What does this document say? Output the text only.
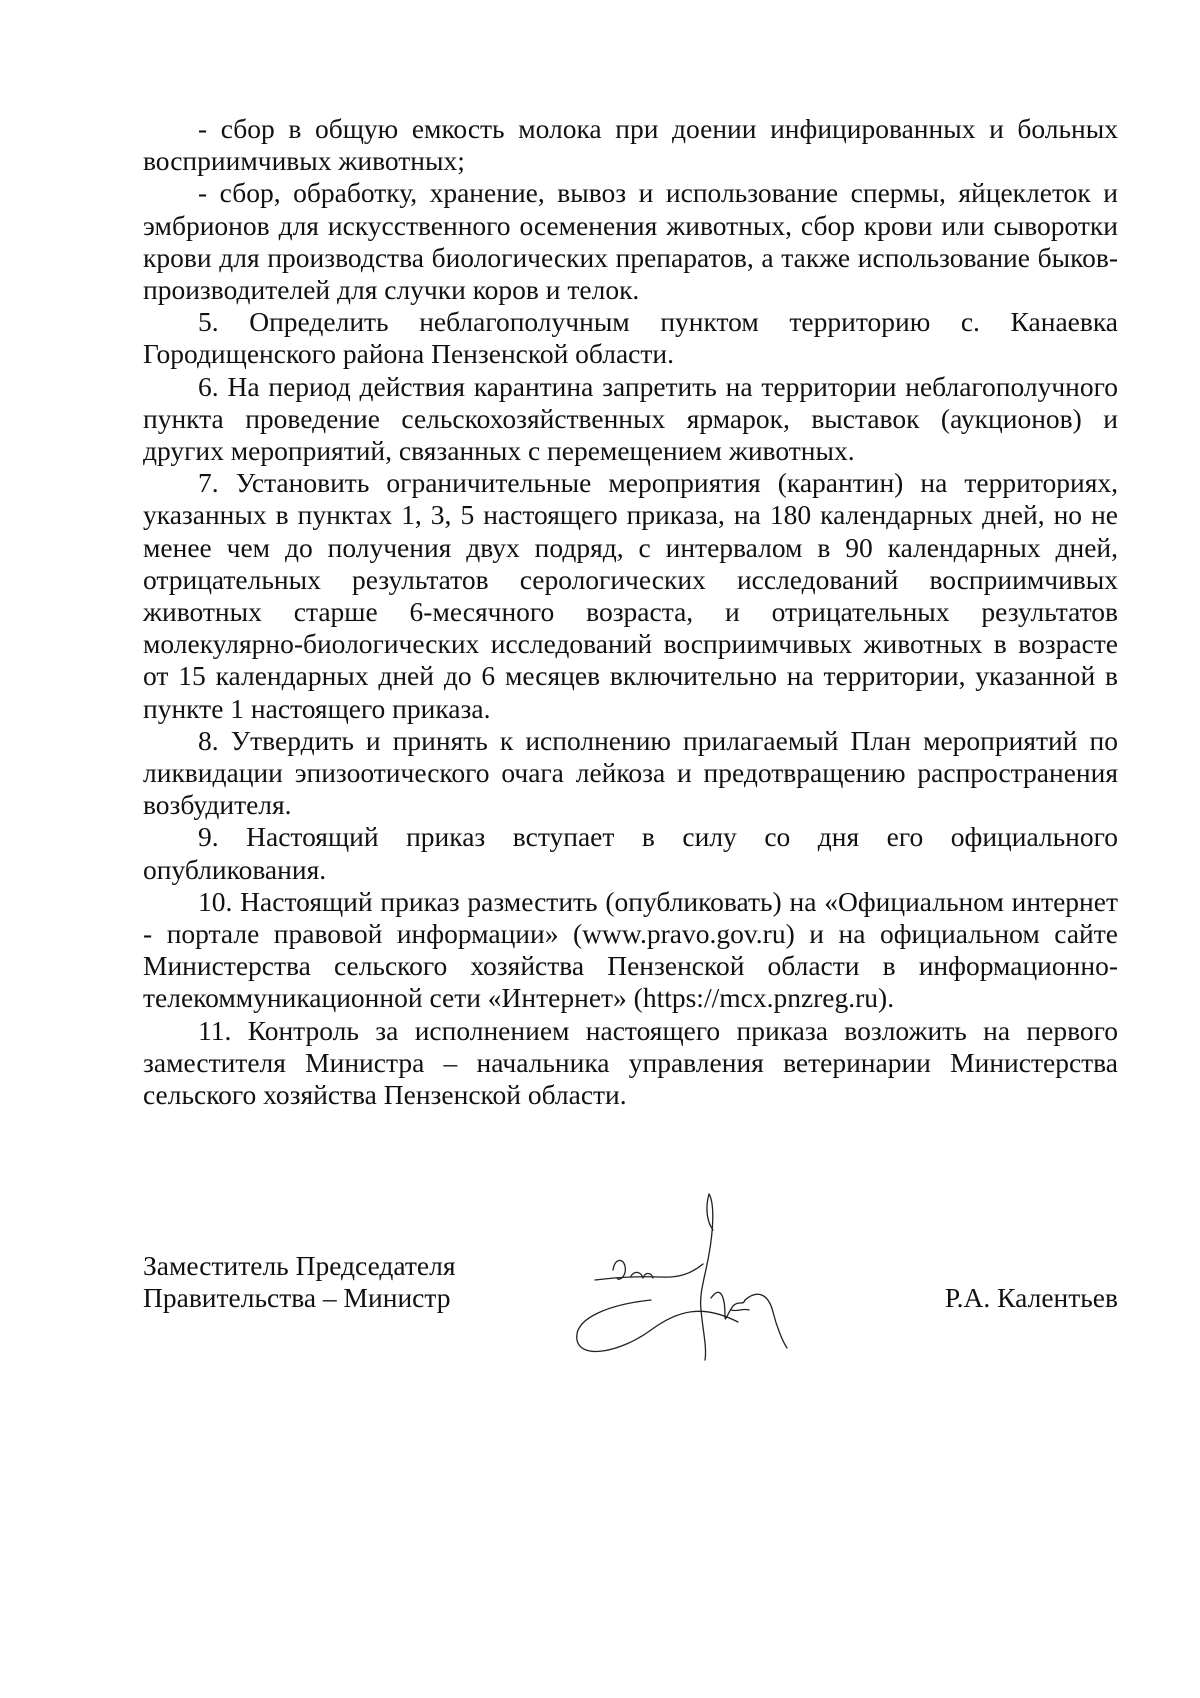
- сбор в общую емкость молока при доении инфицированных и больных восприимчивых животных;

- сбор, обработку, хранение, вывоз и использование спермы, яйцеклеток и эмбрионов для искусственного осеменения животных, сбор крови или сыворотки крови для производства биологических препаратов, а также использование быков-производителей для случки коров и телок.

5. Определить неблагополучным пунктом территорию с. Канаевка Городищенского района Пензенской области.

6. На период действия карантина запретить на территории неблагополучного пункта проведение сельскохозяйственных ярмарок, выставок (аукционов) и других мероприятий, связанных с перемещением животных.

7. Установить ограничительные мероприятия (карантин) на территориях, указанных в пунктах 1, 3, 5 настоящего приказа, на 180 календарных дней, но не менее чем до получения двух подряд, с интервалом в 90 календарных дней, отрицательных результатов серологических исследований восприимчивых животных старше 6-месячного возраста, и отрицательных результатов молекулярно-биологических исследований восприимчивых животных в возрасте от 15 календарных дней до 6 месяцев включительно на территории, указанной в пункте 1 настоящего приказа.

8. Утвердить и принять к исполнению прилагаемый План мероприятий по ликвидации эпизоотического очага лейкоза и предотвращению распространения возбудителя.

9. Настоящий приказ вступает в силу со дня его официального опубликования.

10. Настоящий приказ разместить (опубликовать) на «Официальном интернет - портале правовой информации» (www.pravo.gov.ru) и на официальном сайте Министерства сельского хозяйства Пензенской области в информационно-телекоммуникационной сети «Интернет» (https://mcx.pnzreg.ru).

11. Контроль за исполнением настоящего приказа возложить на первого заместителя Министра – начальника управления ветеринарии Министерства сельского хозяйства Пензенской области.

Заместитель Председателя
Правительства – Министр	Р.А. Калентьев
